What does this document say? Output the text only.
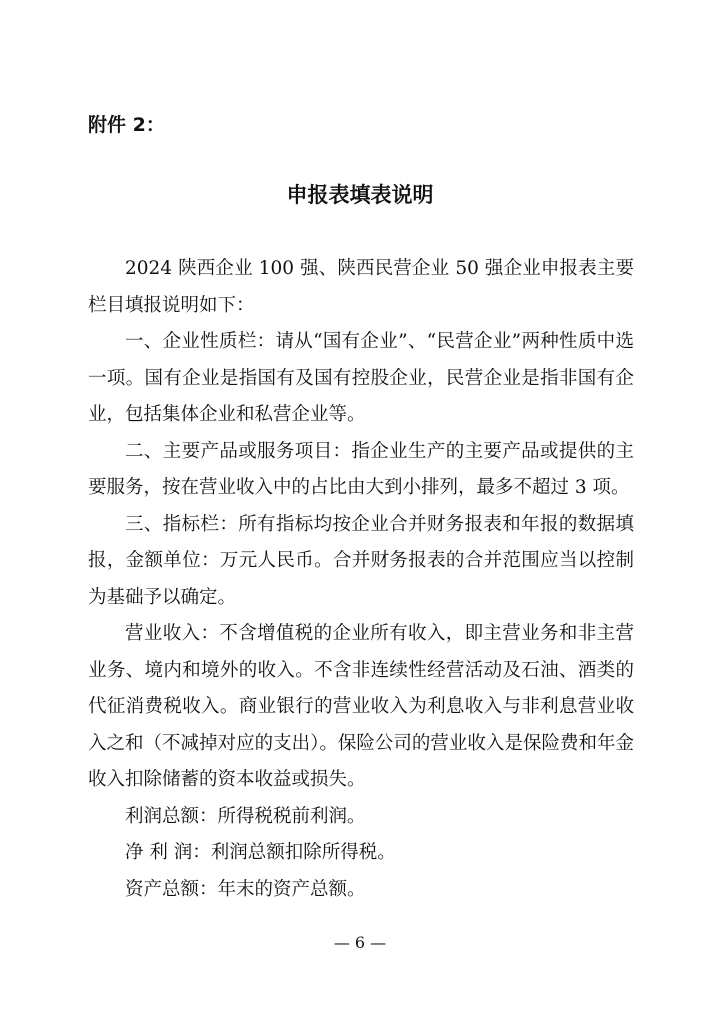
附件 2：
申报表填表说明

2024 陕西企业 100 强、陕西民营企业 50 强企业申报表主要栏目填报说明如下：

一、企业性质栏：请从“国有企业”、“民营企业”两种性质中选一项。国有企业是指国有及国有控股企业，民营企业是指非国有企业，包括集体企业和私营企业等。

二、主要产品或服务项目：指企业生产的主要产品或提供的主要服务，按在营业收入中的占比由大到小排列，最多不超过 3 项。

三、指标栏：所有指标均按企业合并财务报表和年报的数据填报，金额单位：万元人民币。合并财务报表的合并范围应当以控制为基础予以确定。

营业收入：不含增值税的企业所有收入，即主营业务和非主营业务、境内和境外的收入。不含非连续性经营活动及石油、酒类的代征消费税收入。商业银行的营业收入为利息收入与非利息营业收入之和（不减掉对应的支出）。保险公司的营业收入是保险费和年金收入扣除储蓄的资本收益或损失。

利润总额：所得税税前利润。

净 利 润：利润总额扣除所得税。

资产总额：年末的资产总额。

— 6 —
